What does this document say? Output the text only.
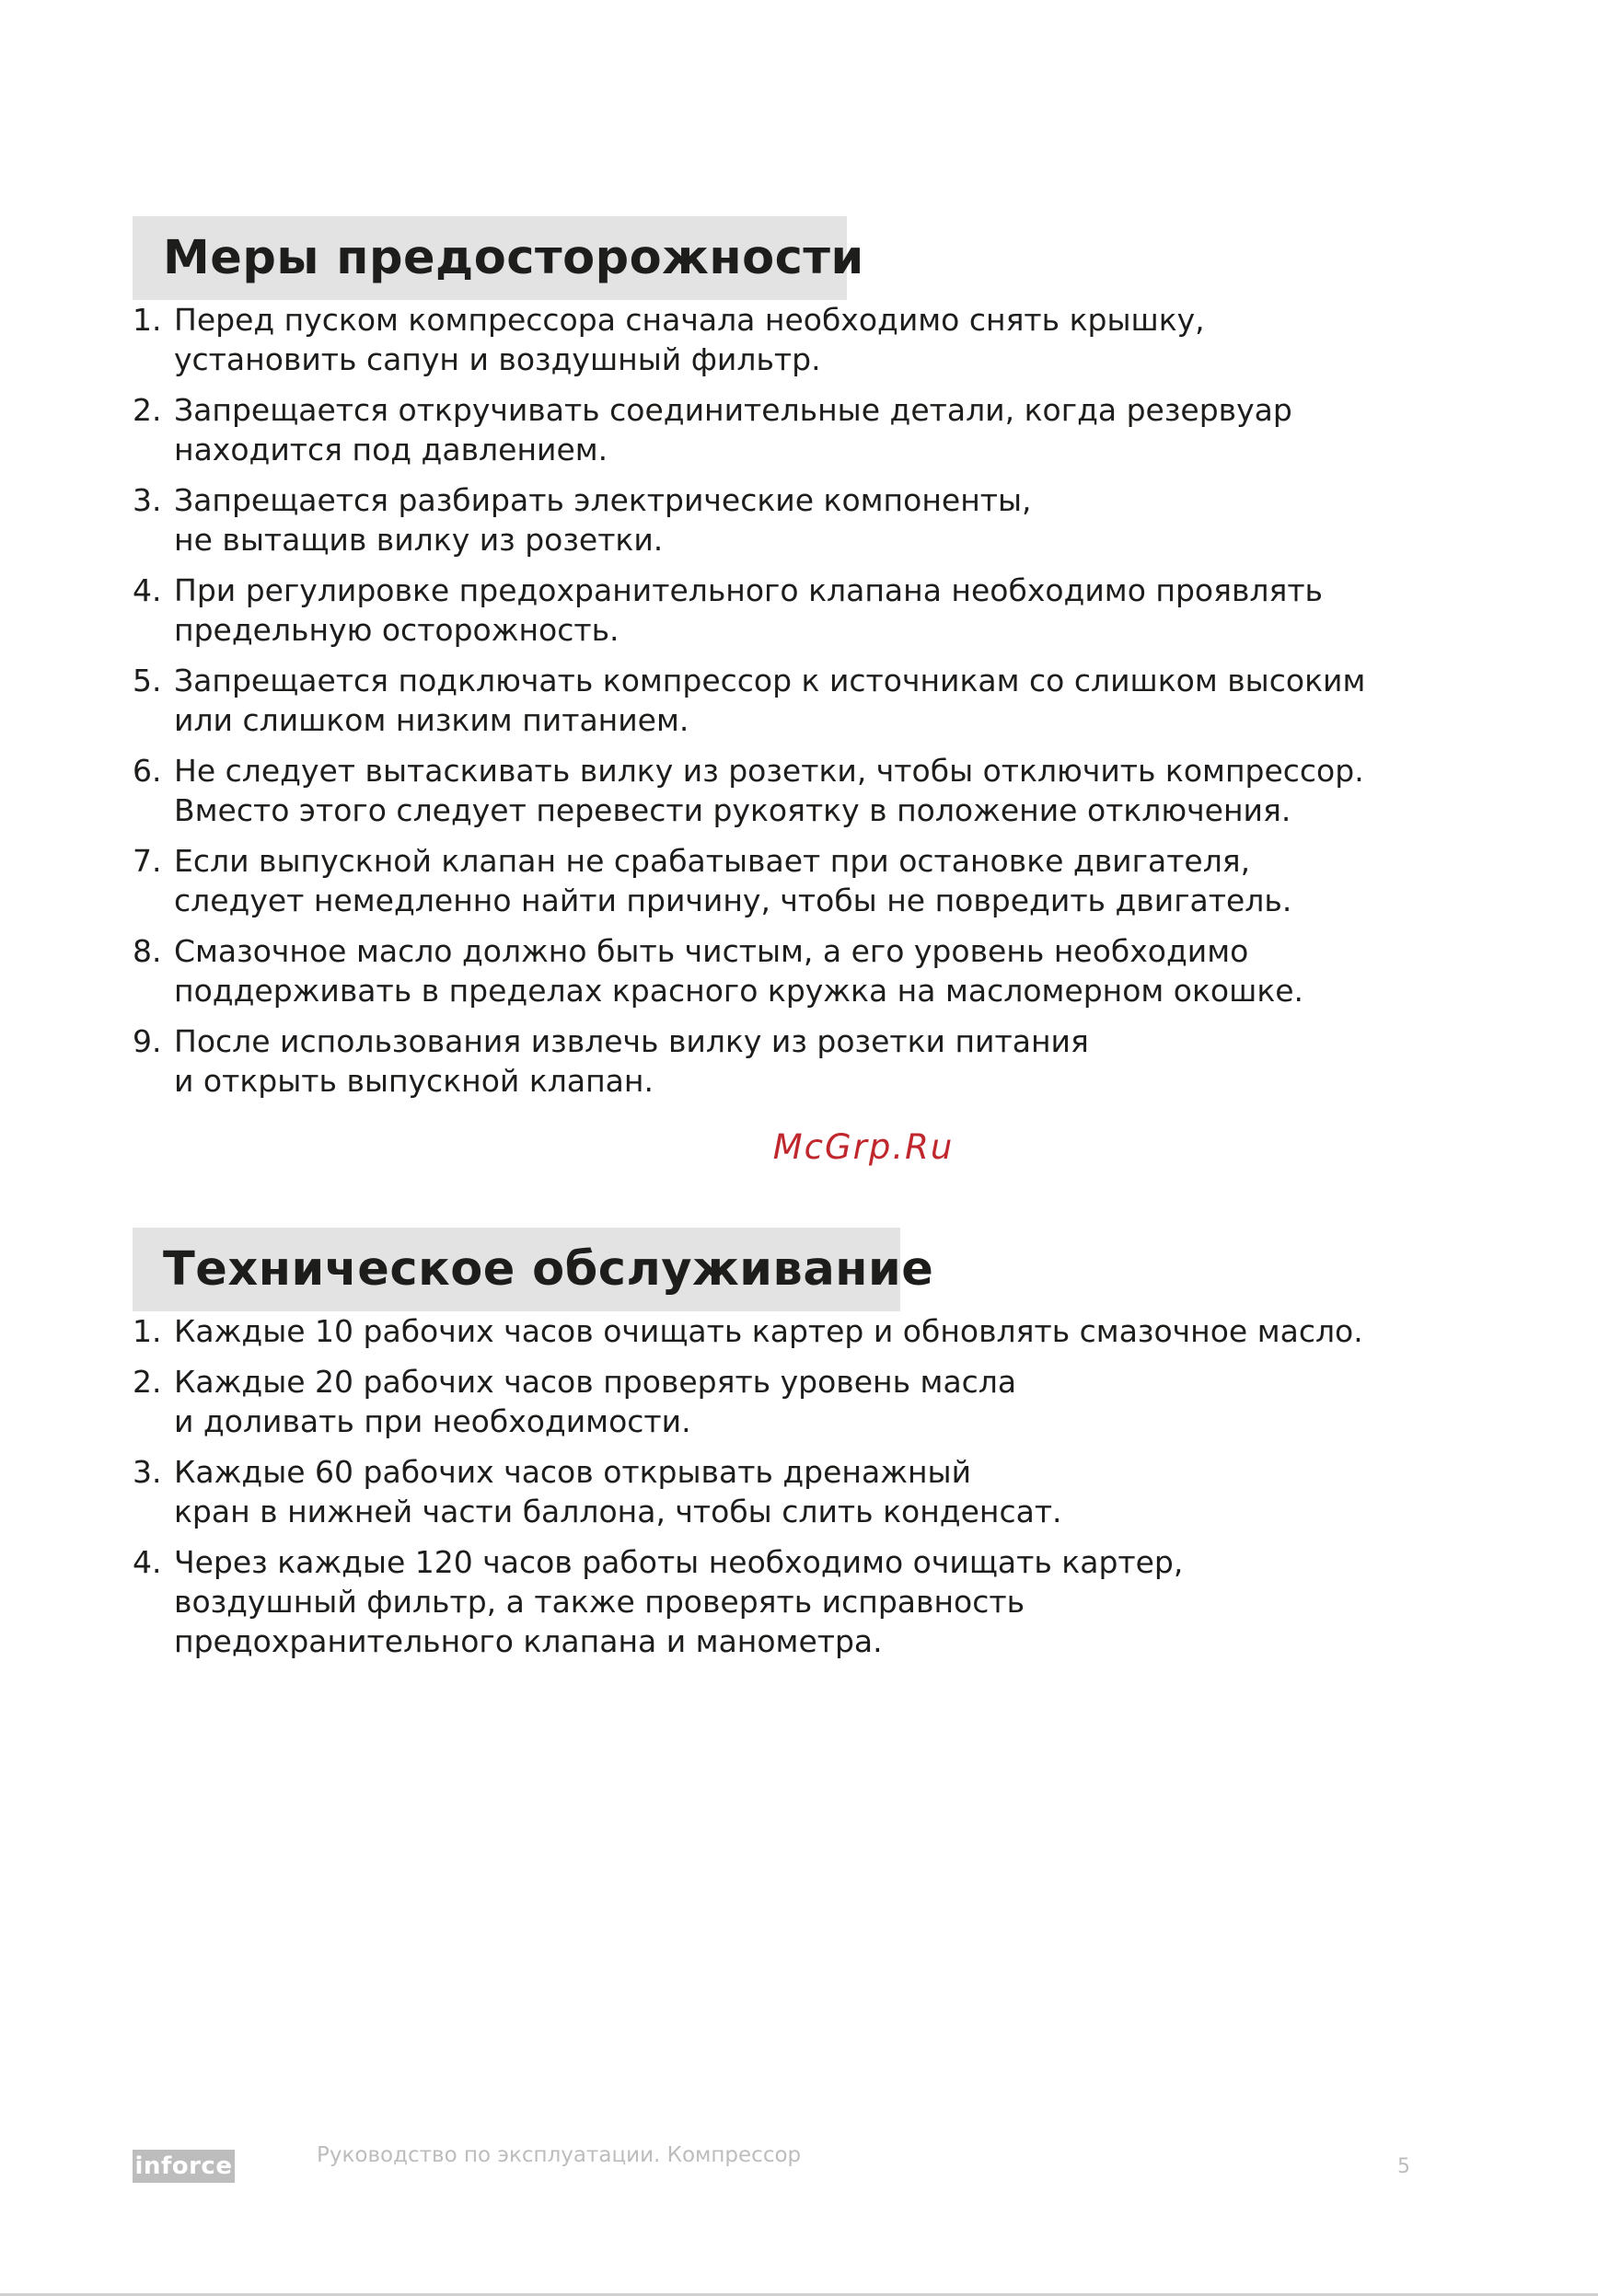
Меры предосторожности
1. Перед пуском компрессора сначала необходимо снять крышку,
установить сапун и воздушный фильтр.
2. Запрещается откручивать соединительные детали, когда резервуар
находится под давлением.
3. Запрещается разбирать электрические компоненты,
не вытащив вилку из розетки.
4. При регулировке предохранительного клапана необходимо проявлять
предельную осторожность.
5. Запрещается подключать компрессор к источникам со слишком высоким
или слишком низким питанием.
6. Не следует вытаскивать вилку из розетки, чтобы отключить компрессор.
Вместо этого следует перевести рукоятку в положение отключения.
7. Если выпускной клапан не срабатывает при остановке двигателя,
следует немедленно найти причину, чтобы не повредить двигатель.
8. Смазочное масло должно быть чистым, а его уровень необходимо
поддерживать в пределах красного кружка на масломерном окошке.
9. После использования извлечь вилку из розетки питания
и открыть выпускной клапан.
McGrp.Ru
Техническое обслуживание
1. Каждые 10 рабочих часов очищать картер и обновлять смазочное масло.
2. Каждые 20 рабочих часов проверять уровень масла
и доливать при необходимости.
3. Каждые 60 рабочих часов открывать дренажный
кран в нижней части баллона, чтобы слить конденсат.
4. Через каждые 120 часов работы необходимо очищать картер,
воздушный фильтр, а также проверять исправность
предохранительного клапана и манометра.
inforce	Руководство по эксплуатации. Компрессор	5
